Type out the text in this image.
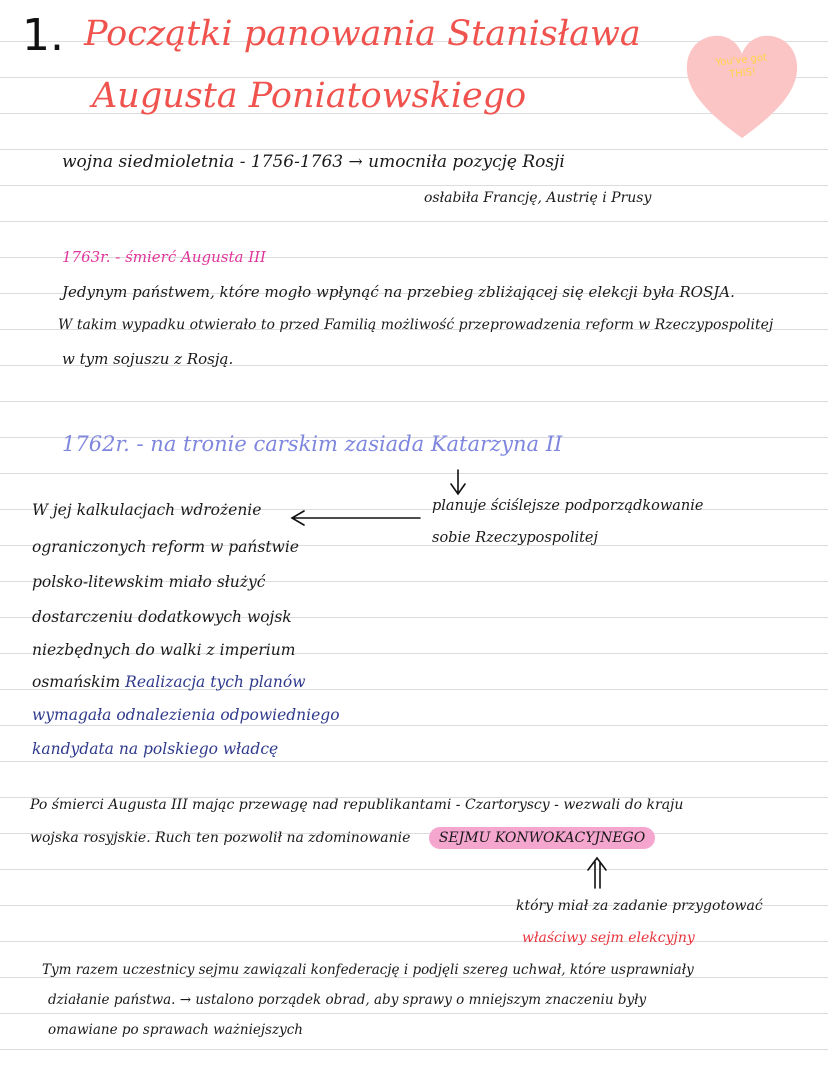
1. Początki panowania Stanisława
Augusta Poniatowskiego
You've got THIS!
wojna siedmioletnia - 1756-1763 → umocniła pozycję Rosji
osłabiła Francję, Austrię i Prusy
1763r. - śmierć Augusta III
Jedynym państwem, które mogło wpłynąć na przebieg zbliżającej się elekcji była ROSJA.
W takim wypadku otwierało to przed Familią możliwość przeprowadzenia reform w Rzeczypospolitej
w tym sojuszu z Rosją.
1762r. - na tronie carskim zasiada Katarzyna II
planuje ściślejsze podporządkowanie
sobie Rzeczypospolitej
W jej kalkulacjach wdrożenie
ograniczonych reform w państwie
polsko-litewskim miało służyć
dostarczeniu dodatkowych wojsk
niezbędnych do walki z imperium
osmańskim Realizacja tych planów
wymagała odnalezienia odpowiedniego
kandydata na polskiego władcę
Po śmierci Augusta III mając przewagę nad republikantami - Czartoryscy - wezwali do kraju
wojska rosyjskie. Ruch ten pozwolił na zdominowanie SEJMU KONWOKACYJNEGO
który miał za zadanie przygotować
właściwy sejm elekcyjny
Tym razem uczestnicy sejmu zawiązali konfederację i podjęli szereg uchwał, które usprawniały
działanie państwa. → ustalono porządek obrad, aby sprawy o mniejszym znaczeniu były
omawiane po sprawach ważniejszych
